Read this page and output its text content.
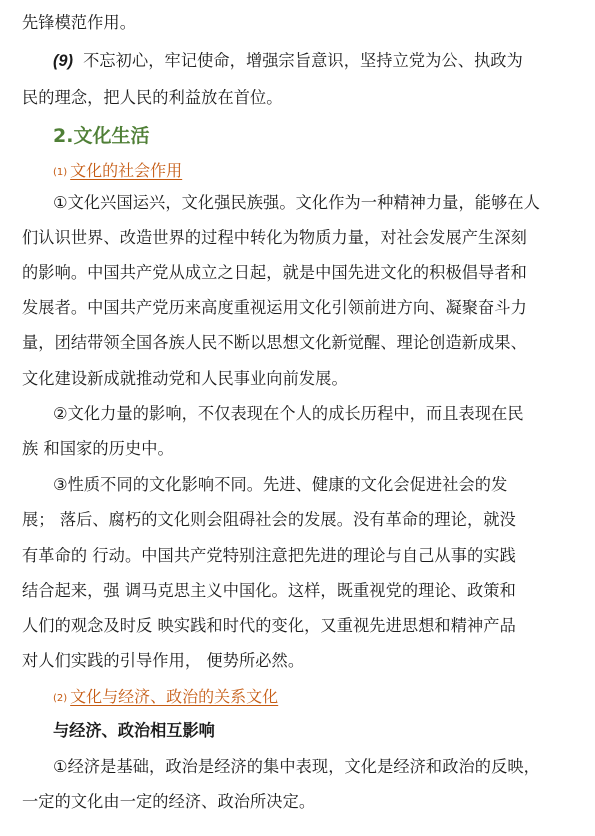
先锋模范作用。
(9) 不忘初心，牢记使命，增强宗旨意识，坚持立党为公、执政为
民的理念，把人民的利益放在首位。
2.文化生活
(1) 文化的社会作用
①文化兴国运兴，文化强民族强。文化作为一种精神力量，能够在人
们认识世界、改造世界的过程中转化为物质力量，对社会发展产生深刻
的影响。中国共产党从成立之日起，就是中国先进文化的积极倡导者和
发展者。中国共产党历来高度重视运用文化引领前进方向、凝聚奋斗力
量，团结带领全国各族人民不断以思想文化新觉醒、理论创造新成果、
文化建设新成就推动党和人民事业向前发展。
②文化力量的影响，不仅表现在个人的成长历程中，而且表现在民
族 和国家的历史中。
③性质不同的文化影响不同。先进、健康的文化会促进社会的发
展； 落后、腐朽的文化则会阻碍社会的发展。没有革命的理论，就没
有革命的 行动。中国共产党特别注意把先进的理论与自己从事的实践
结合起来，强 调马克思主义中国化。这样，既重视党的理论、政策和
人们的观念及时反 映实践和时代的变化，又重视先进思想和精神产品
对人们实践的引导作用， 便势所必然。
(2) 文化与经济、政治的关系文化
与经济、政治相互影响
①经济是基础，政治是经济的集中表现，文化是经济和政治的反映，
一定的文化由一定的经济、政治所决定。
